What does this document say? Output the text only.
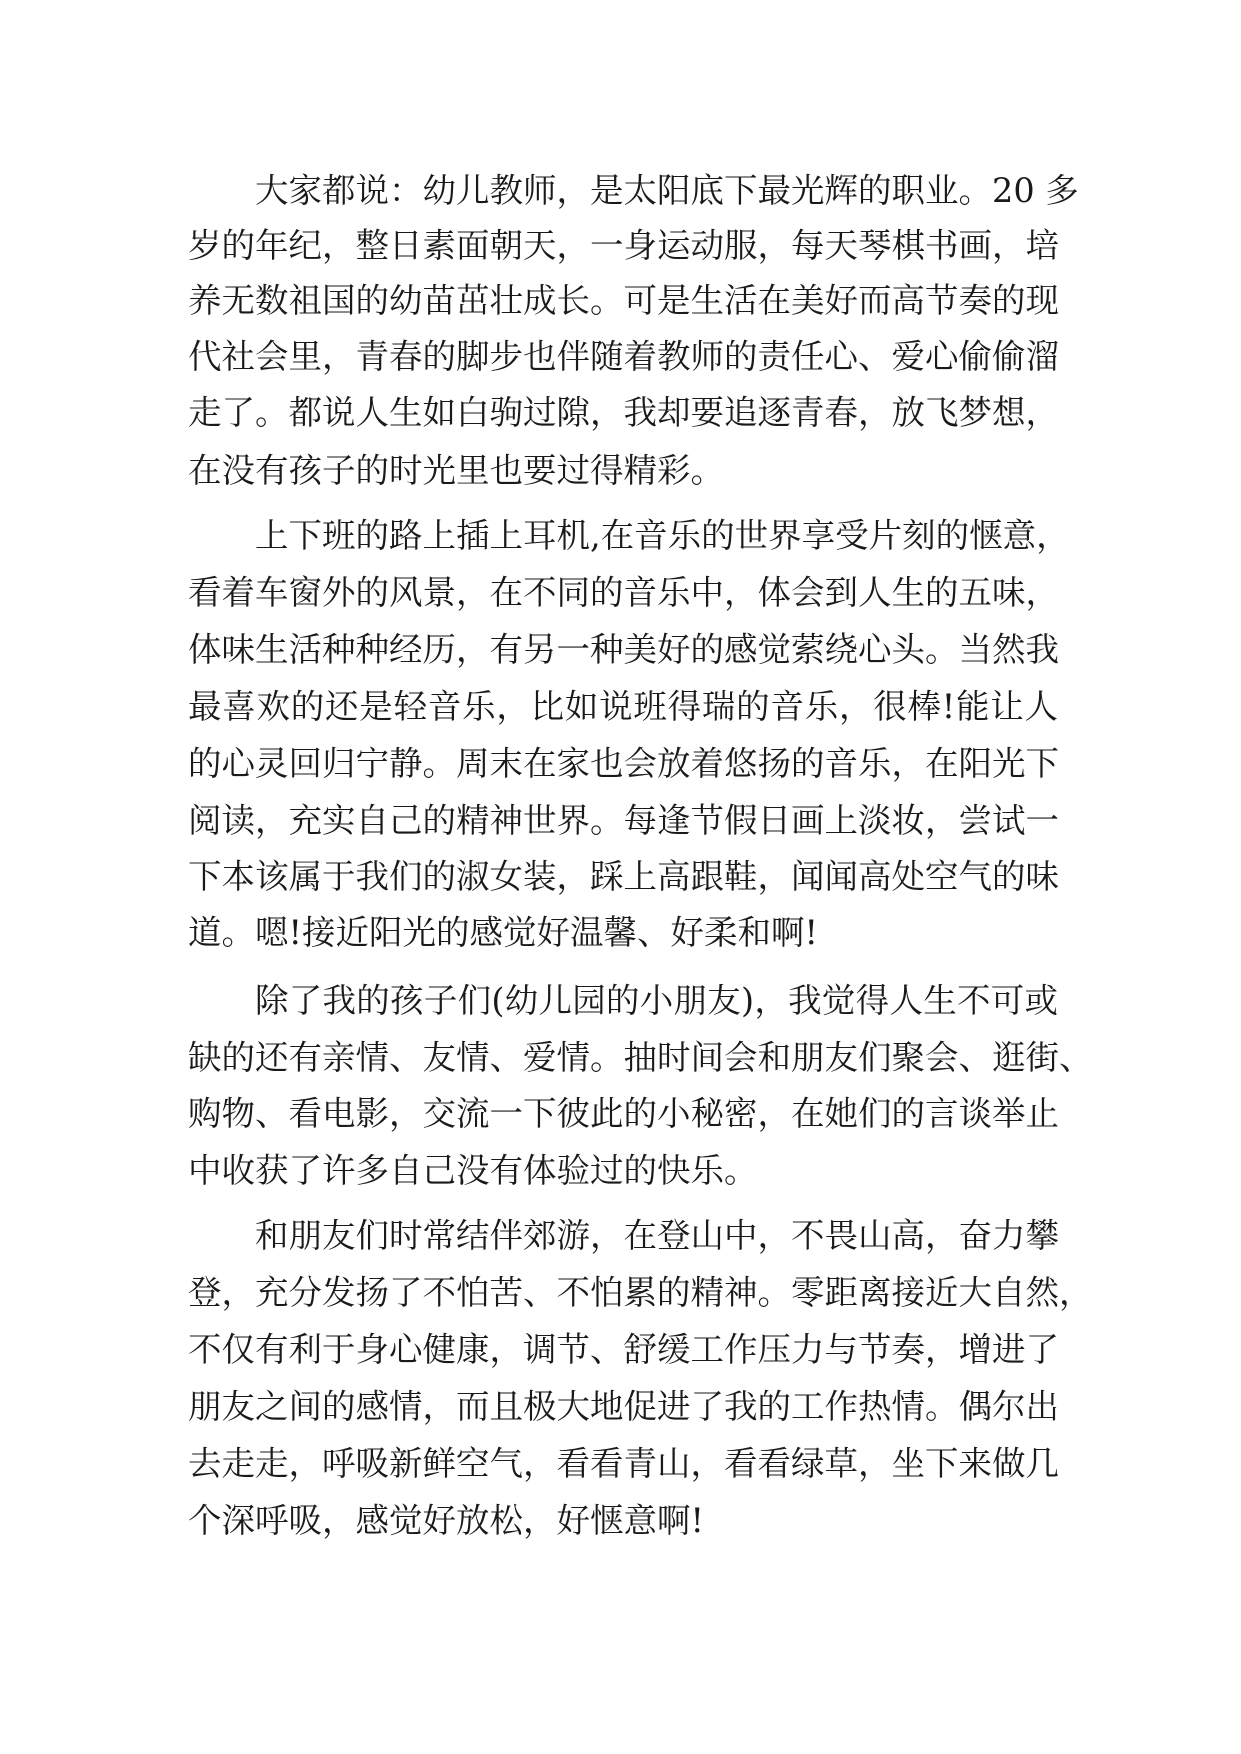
大家都说：幼儿教师，是太阳底下最光辉的职业。20 多
岁的年纪，整日素面朝天，一身运动服，每天琴棋书画，培
养无数祖国的幼苗茁壮成长。可是生活在美好而高节奏的现
代社会里，青春的脚步也伴随着教师的责任心、爱心偷偷溜
走了。都说人生如白驹过隙，我却要追逐青春，放飞梦想，
在没有孩子的时光里也要过得精彩。
上下班的路上插上耳机,在音乐的世界享受片刻的惬意，
看着车窗外的风景，在不同的音乐中，体会到人生的五味，
体味生活种种经历，有另一种美好的感觉萦绕心头。当然我
最喜欢的还是轻音乐，比如说班得瑞的音乐，很棒!能让人
的心灵回归宁静。周末在家也会放着悠扬的音乐，在阳光下
阅读，充实自己的精神世界。每逢节假日画上淡妆，尝试一
下本该属于我们的淑女装，踩上高跟鞋，闻闻高处空气的味
道。嗯!接近阳光的感觉好温馨、好柔和啊!
除了我的孩子们(幼儿园的小朋友)，我觉得人生不可或
缺的还有亲情、友情、爱情。抽时间会和朋友们聚会、逛街、
购物、看电影，交流一下彼此的小秘密，在她们的言谈举止
中收获了许多自己没有体验过的快乐。
和朋友们时常结伴郊游，在登山中，不畏山高，奋力攀
登，充分发扬了不怕苦、不怕累的精神。零距离接近大自然，
不仅有利于身心健康，调节、舒缓工作压力与节奏，增进了
朋友之间的感情，而且极大地促进了我的工作热情。偶尔出
去走走，呼吸新鲜空气，看看青山，看看绿草，坐下来做几
个深呼吸，感觉好放松，好惬意啊!
